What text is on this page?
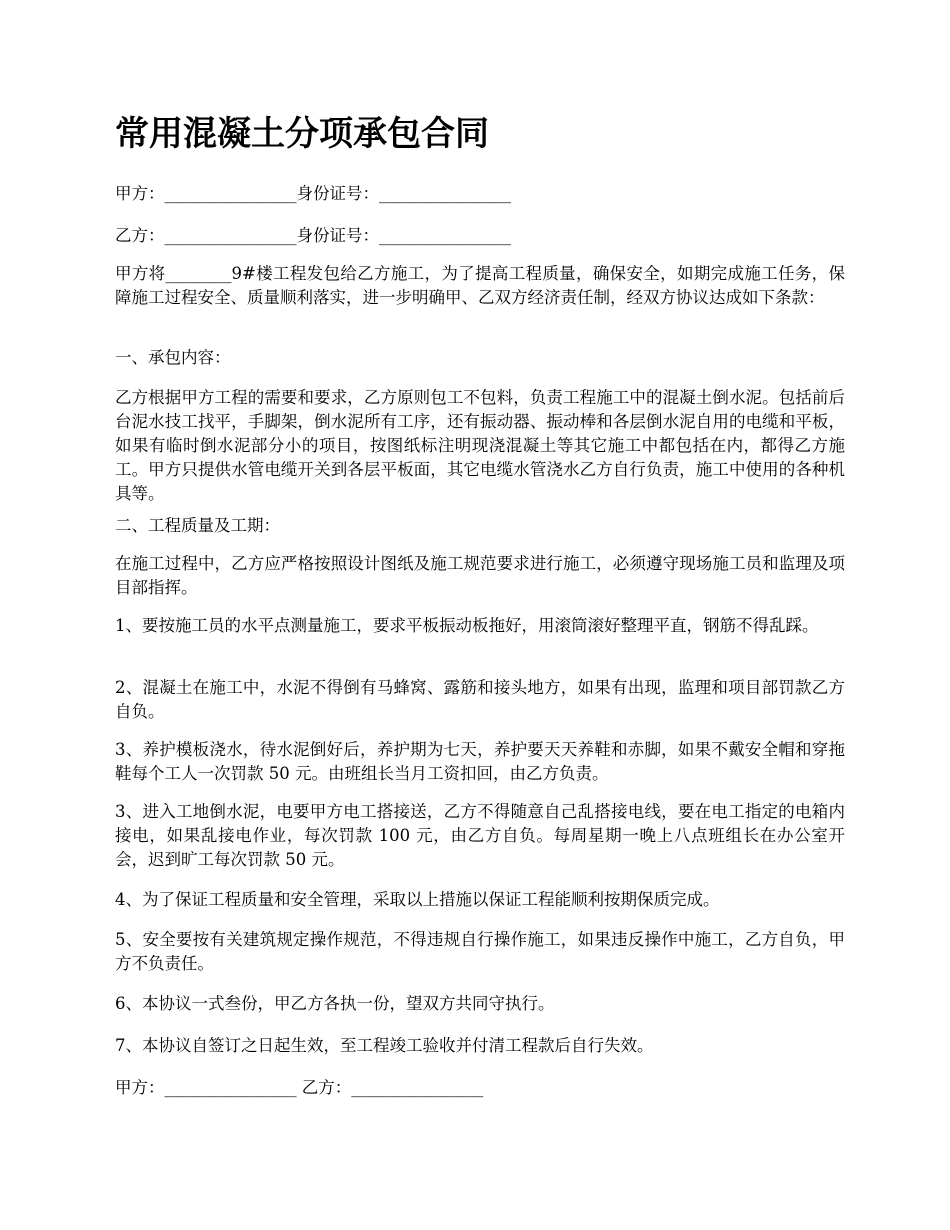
常用混凝土分项承包合同

甲方：________________身份证号：________________

乙方：________________身份证号：________________

甲方将________9#楼工程发包给乙方施工，为了提高工程质量，确保安全，如期完成施工任务，保障施工过程安全、质量顺利落实，进一步明确甲、乙双方经济责任制，经双方协议达成如下条款：

一、承包内容：

乙方根据甲方工程的需要和要求，乙方原则包工不包料，负责工程施工中的混凝土倒水泥。包括前后台泥水技工找平，手脚架，倒水泥所有工序，还有振动器、振动棒和各层倒水泥自用的电缆和平板，如果有临时倒水泥部分小的项目，按图纸标注明现浇混凝土等其它施工中都包括在内，都得乙方施工。甲方只提供水管电缆开关到各层平板面，其它电缆水管浇水乙方自行负责，施工中使用的各种机具等。

二、工程质量及工期：

在施工过程中，乙方应严格按照设计图纸及施工规范要求进行施工，必须遵守现场施工员和监理及项目部指挥。

1、要按施工员的水平点测量施工，要求平板振动板拖好，用滚筒滚好整理平直，钢筋不得乱踩。

2、混凝土在施工中，水泥不得倒有马蜂窝、露筋和接头地方，如果有出现，监理和项目部罚款乙方自负。

3、养护模板浇水，待水泥倒好后，养护期为七天，养护要天天养鞋和赤脚，如果不戴安全帽和穿拖鞋每个工人一次罚款 50 元。由班组长当月工资扣回，由乙方负责。

3、进入工地倒水泥，电要甲方电工搭接送，乙方不得随意自己乱搭接电线，要在电工指定的电箱内接电，如果乱接电作业，每次罚款 100 元，由乙方自负。每周星期一晚上八点班组长在办公室开会，迟到旷工每次罚款 50 元。

4、为了保证工程质量和安全管理，采取以上措施以保证工程能顺利按期保质完成。

5、安全要按有关建筑规定操作规范，不得违规自行操作施工，如果违反操作中施工，乙方自负，甲方不负责任。

6、本协议一式叁份，甲乙方各执一份，望双方共同守执行。

7、本协议自签订之日起生效，至工程竣工验收并付清工程款后自行失效。

甲方：________________ 乙方：________________
